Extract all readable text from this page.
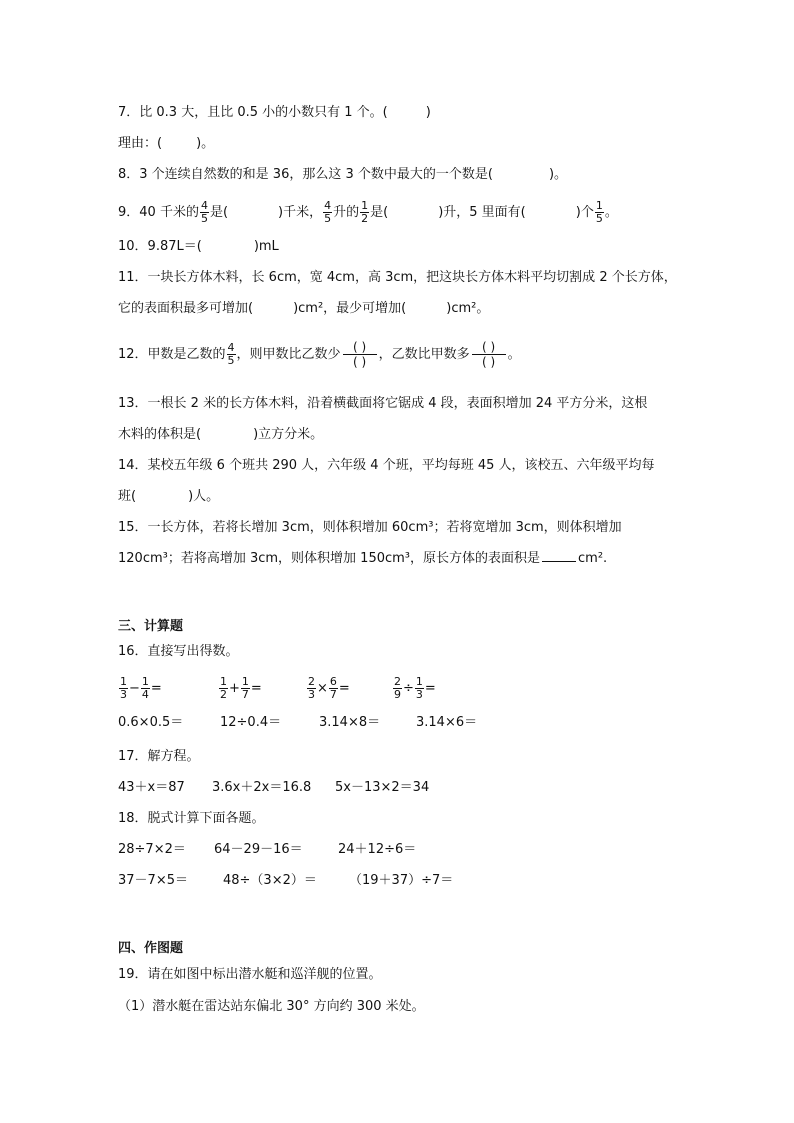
7．比 0.3 大，且比 0.5 小的小数只有 1 个。(	)
理由：(	)。
8．3 个连续自然数的和是 36，那么这 3 个数中最大的一个数是(	)。
9．40 千米的 $\frac{4}{5}$ 是(	)千米， $\frac{4}{5}$ 升的 $\frac{1}{2}$ 是(	)升，5 里面有(	)个 $\frac{1}{5}$ 。
10．9.87L＝(	)mL
11．一块长方体木料，长 6cm，宽 4cm，高 3cm，把这块长方体木料平均切割成 2 个长方体，
它的表面积最多可增加(	)cm²，最少可增加(	)cm²。
12．甲数是乙数的 $\frac{4}{5}$ ，则甲数比乙数少 $\frac{( )}{( )}$ ，乙数比甲数多 $\frac{( )}{( )}$ 。
13．一根长 2 米的长方体木料，沿着横截面将它锯成 4 段，表面积增加 24 平方分米，这根
木料的体积是(	)立方分米。
14．某校五年级 6 个班共 290 人，六年级 4 个班，平均每班 45 人，该校五、六年级平均每
班(	)人。
15．一长方体，若将长增加 3cm，则体积增加 60cm³；若将宽增加 3cm，则体积增加
120cm³；若将高增加 3cm，则体积增加 150cm³，原长方体的表面积是	cm².
三、计算题
16．直接写出得数。
$\frac{1}{3} - \frac{1}{4}$ =	$\frac{1}{2} + \frac{1}{7}$ =	$\frac{2}{3} \times \frac{6}{7}$ =	$\frac{2}{9} \div \frac{1}{3}$ =
0.6×0.5＝	12÷0.4＝	3.14×8＝	3.14×6＝
17．解方程。
43＋x＝87 3.6x＋2x＝16.8 5x－13×2＝34
18．脱式计算下面各题。
28÷7×2＝ 64－29－16＝	24＋12÷6＝
37－7×5＝	48÷（3×2）＝ （19＋37）÷7＝
四、作图题
19．请在如图中标出潜水艇和巡洋舰的位置。
（1）潜水艇在雷达站东偏北 30° 方向约 300 米处。
